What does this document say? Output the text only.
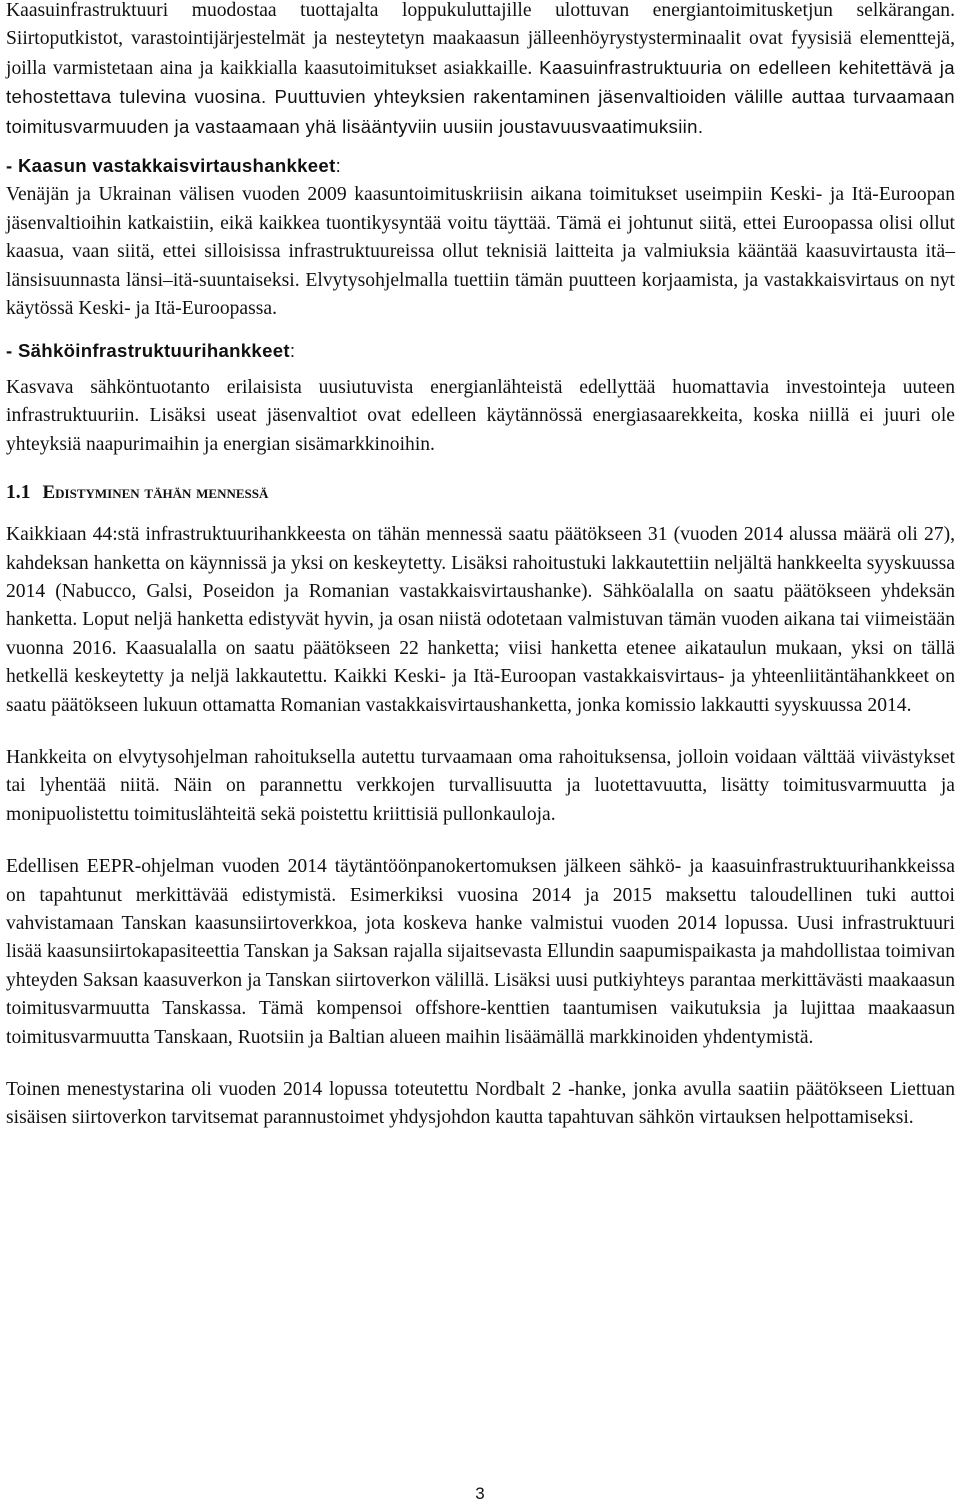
Kaasuinfrastruktuuri muodostaa tuottajalta loppukuluttajille ulottuvan energiantoimitusketjun selkärangan. Siirtoputkistot, varastointijärjestelmät ja nesteytetyn maakaasun jälleenhöyrystysterminaalit ovat fyysisiä elementtejä, joilla varmistetaan aina ja kaikkialla kaasutoimitukset asiakkaille. Kaasuinfrastruktuuria on edelleen kehitettävä ja tehostettava tulevina vuosina. Puuttuvien yhteyksien rakentaminen jäsenvaltioiden välille auttaa turvaamaan toimitusvarmuuden ja vastaamaan yhä lisääntyviin uusiin joustavuusvaatimuksiin.

- Kaasun vastakkaisvirtaushankkeet:

Venäjän ja Ukrainan välisen vuoden 2009 kaasuntoimituskriisin aikana toimitukset useimpiin Keski- ja Itä-Euroopan jäsenvaltioihin katkaistiin, eikä kaikkea tuontikysyntää voitu täyttää. Tämä ei johtunut siitä, ettei Euroopassa olisi ollut kaasua, vaan siitä, ettei silloisissa infrastruktuureissa ollut teknisiä laitteita ja valmiuksia kääntää kaasuvirtausta itä–länsisuunnasta länsi–itä-suuntaiseksi. Elvytysohjelmalla tuettiin tämän puutteen korjaamista, ja vastakkaisvirtaus on nyt käytössä Keski- ja Itä-Euroopassa.

- Sähköinfrastruktuurihankkeet:

Kasvava sähköntuotanto erilaisista uusiutuvista energianlähteistä edellyttää huomattavia investointeja uuteen infrastruktuuriin. Lisäksi useat jäsenvaltiot ovat edelleen käytännössä energiasaarekkeita, koska niillä ei juuri ole yhteyksiä naapurimaihin ja energian sisämarkkinoihin.

1.1 Edistyminen tähän mennessä

Kaikkiaan 44:stä infrastruktuurihankkeesta on tähän mennessä saatu päätökseen 31 (vuoden 2014 alussa määrä oli 27), kahdeksan hanketta on käynnissä ja yksi on keskeytetty. Lisäksi rahoitustuki lakkautettiin neljältä hankkeelta syyskuussa 2014 (Nabucco, Galsi, Poseidon ja Romanian vastakkaisvirtaushanke). Sähköalalla on saatu päätökseen yhdeksän hanketta. Loput neljä hanketta edistyvät hyvin, ja osan niistä odotetaan valmistuvan tämän vuoden aikana tai viimeistään vuonna 2016. Kaasualalla on saatu päätökseen 22 hanketta; viisi hanketta etenee aikataulun mukaan, yksi on tällä hetkellä keskeytetty ja neljä lakkautettu. Kaikki Keski- ja Itä-Euroopan vastakkaisvirtaus- ja yhteenliitäntähankkeet on saatu päätökseen lukuun ottamatta Romanian vastakkaisvirtaushanketta, jonka komissio lakkautti syyskuussa 2014.

Hankkeita on elvytysohjelman rahoituksella autettu turvaamaan oma rahoituksensa, jolloin voidaan välttää viivästykset tai lyhentää niitä. Näin on parannettu verkkojen turvallisuutta ja luotettavuutta, lisätty toimitusvarmuutta ja monipuolistettu toimituslähteitä sekä poistettu kriittisiä pullonkauloja.

Edellisen EEPR-ohjelman vuoden 2014 täytäntöönpanokertomuksen jälkeen sähkö- ja kaasuinfrastruktuurihankkeissa on tapahtunut merkittävää edistymistä. Esimerkiksi vuosina 2014 ja 2015 maksettu taloudellinen tuki auttoi vahvistamaan Tanskan kaasunsiirtoverkkoa, jota koskeva hanke valmistui vuoden 2014 lopussa. Uusi infrastruktuuri lisää kaasunsiirtokapasiteettia Tanskan ja Saksan rajalla sijaitsevasta Ellundin saapumispaikasta ja mahdollistaa toimivan yhteyden Saksan kaasuverkon ja Tanskan siirtoverkon välillä. Lisäksi uusi putkiyhteys parantaa merkittävästi maakaasun toimitusvarmuutta Tanskassa. Tämä kompensoi offshore-kenttien taantumisen vaikutuksia ja lujittaa maakaasun toimitusvarmuutta Tanskaan, Ruotsiin ja Baltian alueen maihin lisäämällä markkinoiden yhdentymistä.

Toinen menestystarina oli vuoden 2014 lopussa toteutettu Nordbalt 2 -hanke, jonka avulla saatiin päätökseen Liettuan sisäisen siirtoverkon tarvitsemat parannustoimet yhdysjohdon kautta tapahtuvan sähkön virtauksen helpottamiseksi.

3
